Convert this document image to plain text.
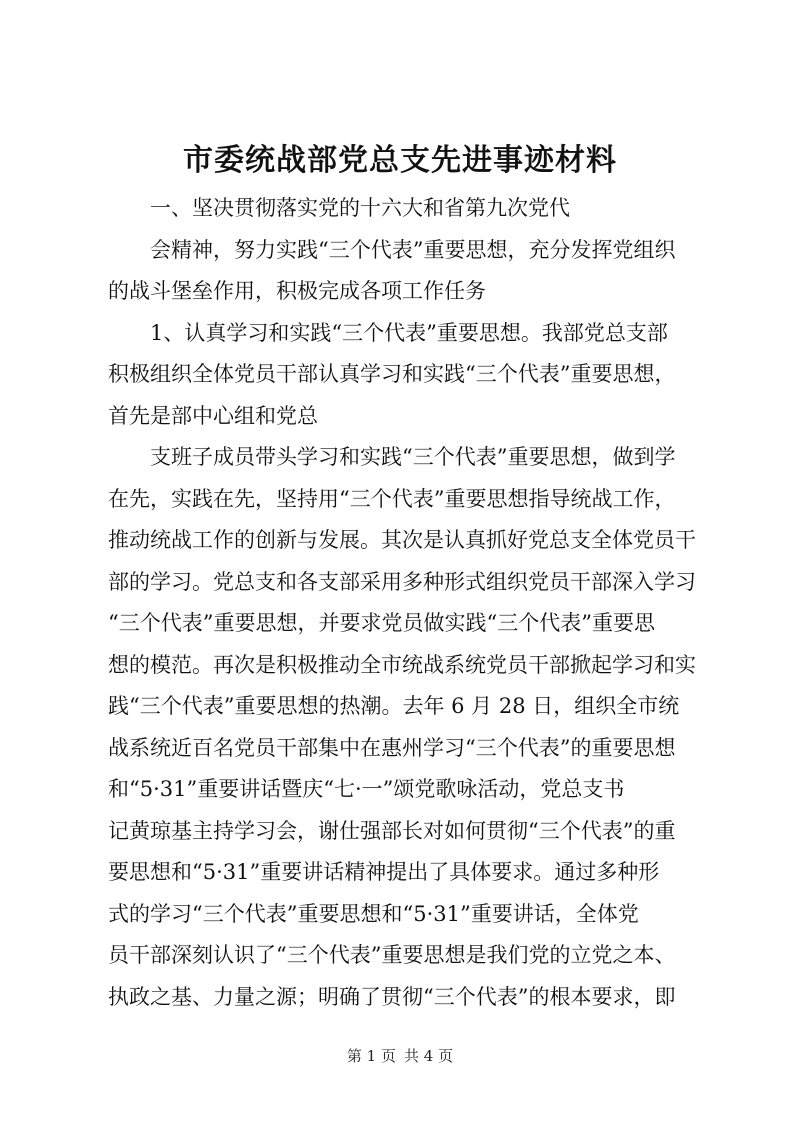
市委统战部党总支先进事迹材料
一、坚决贯彻落实党的十六大和省第九次党代
会精神，努力实践“三个代表”重要思想，充分发挥党组织
的战斗堡垒作用，积极完成各项工作任务
1、认真学习和实践“三个代表”重要思想。我部党总支部
积极组织全体党员干部认真学习和实践“三个代表”重要思想，
首先是部中心组和党总
支班子成员带头学习和实践“三个代表”重要思想，做到学
在先，实践在先，坚持用“三个代表”重要思想指导统战工作，
推动统战工作的创新与发展。其次是认真抓好党总支全体党员干
部的学习。党总支和各支部采用多种形式组织党员干部深入学习
“三个代表”重要思想，并要求党员做实践“三个代表”重要思
想的模范。再次是积极推动全市统战系统党员干部掀起学习和实
践“三个代表”重要思想的热潮。去年 6 月 28 日，组织全市统
战系统近百名党员干部集中在惠州学习“三个代表”的重要思想
和“5·31”重要讲话暨庆“七·一”颂党歌咏活动，党总支书
记黄琼基主持学习会，谢仕强部长对如何贯彻“三个代表”的重
要思想和“5·31”重要讲话精神提出了具体要求。通过多种形
式的学习“三个代表”重要思想和“5·31”重要讲话，全体党
员干部深刻认识了“三个代表”重要思想是我们党的立党之本、
执政之基、力量之源；明确了贯彻“三个代表”的根本要求，即
第 1 页 共 4 页
